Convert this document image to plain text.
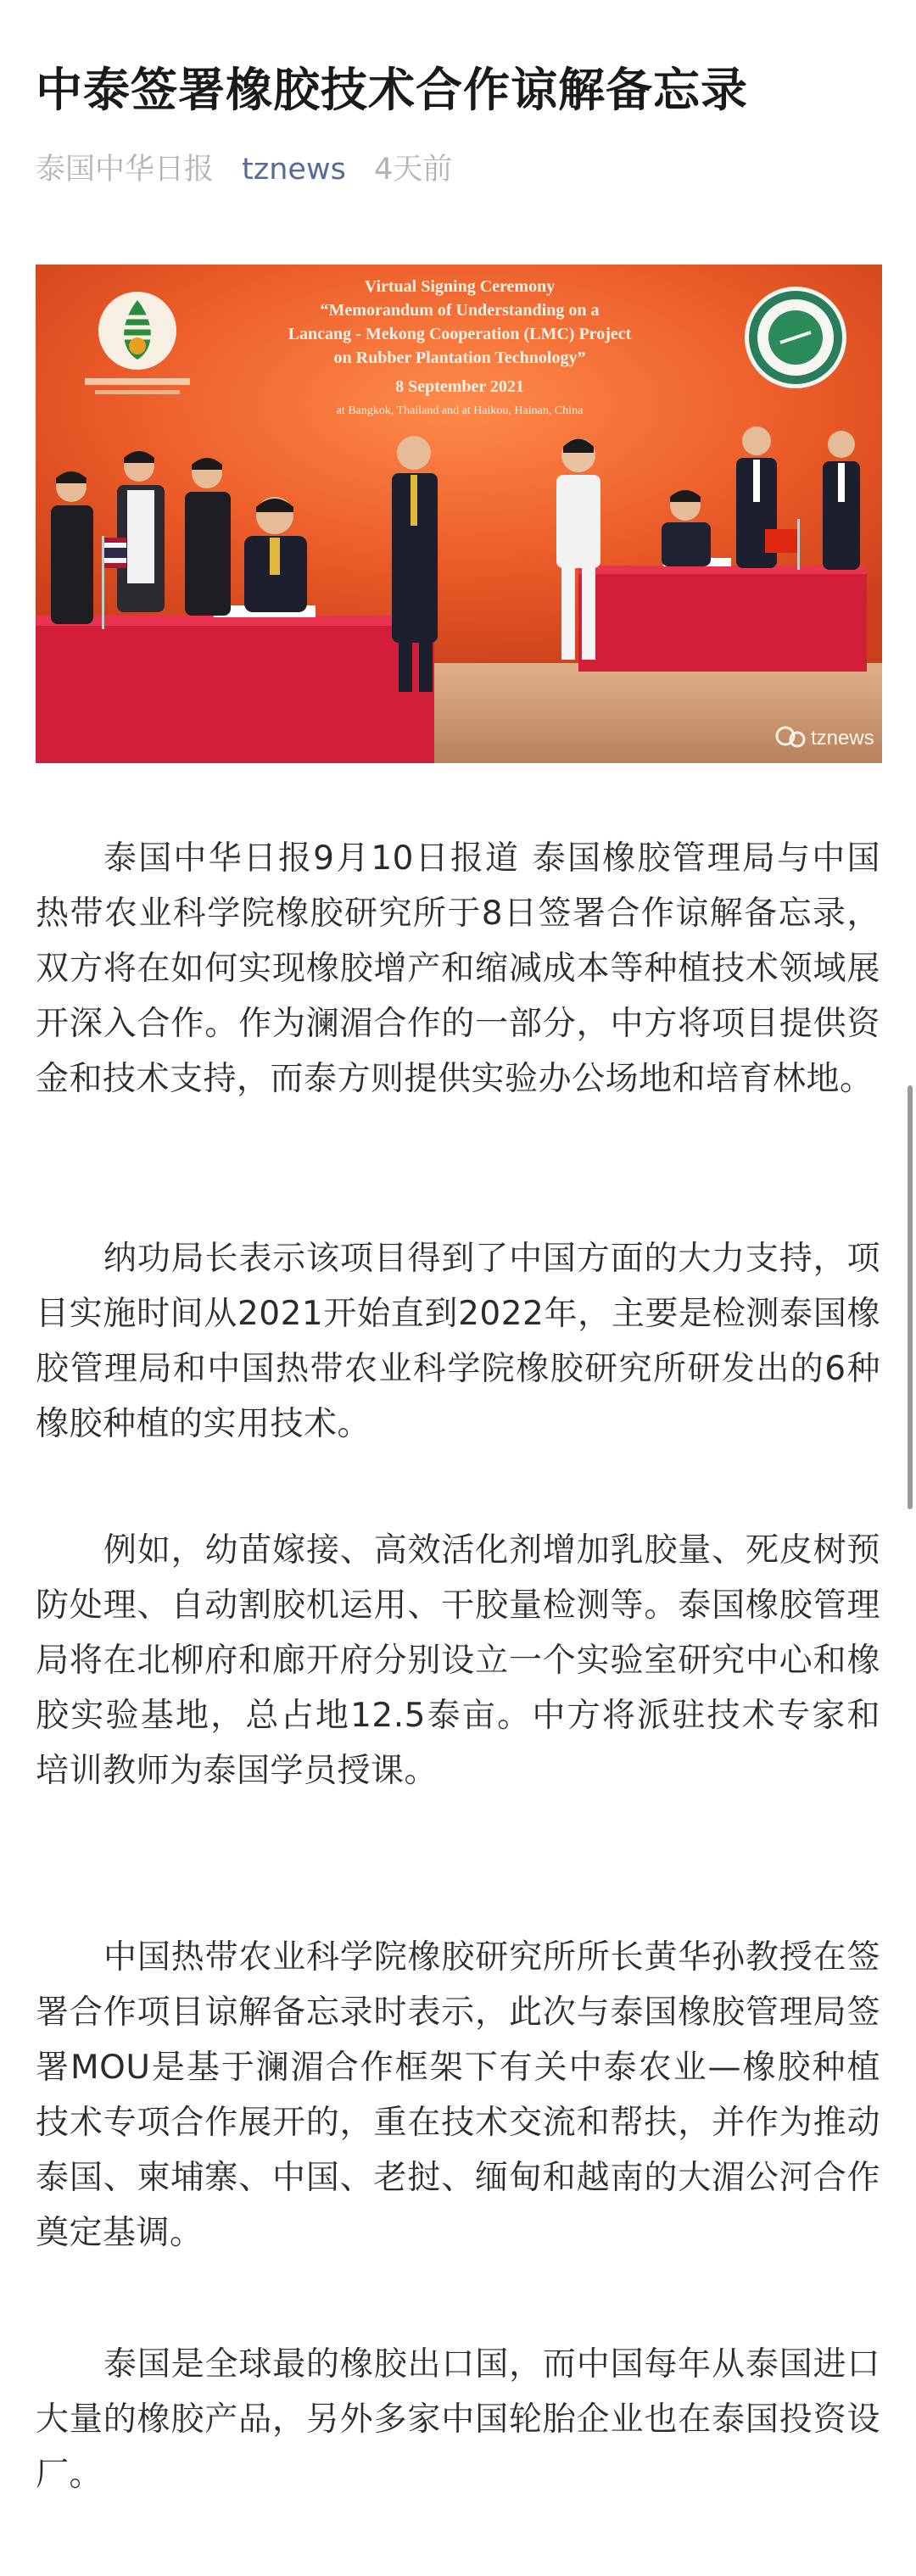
中泰签署橡胶技术合作谅解备忘录
泰国中华日报 tznews 4天前
Virtual Signing Ceremony
“Memorandum of Understanding on a
Lancang - Mekong Cooperation (LMC) Project
on Rubber Plantation Technology”
8 September 2021
at Bangkok, Thailand and at Haikou, Hainan, China
tznews

泰国中华日报9月10日报道 泰国橡胶管理局与中国热带农业科学院橡胶研究所于8日签署合作谅解备忘录，双方将在如何实现橡胶增产和缩减成本等种植技术领域展开深入合作。作为澜湄合作的一部分，中方将项目提供资金和技术支持，而泰方则提供实验办公场地和培育林地。

纳功局长表示该项目得到了中国方面的大力支持，项目实施时间从2021开始直到2022年，主要是检测泰国橡胶管理局和中国热带农业科学院橡胶研究所研发出的6种橡胶种植的实用技术。

例如，幼苗嫁接、高效活化剂增加乳胶量、死皮树预防处理、自动割胶机运用、干胶量检测等。泰国橡胶管理局将在北柳府和廊开府分别设立一个实验室研究中心和橡胶实验基地，总占地12.5泰亩。中方将派驻技术专家和培训教师为泰国学员授课。

中国热带农业科学院橡胶研究所所长黄华孙教授在签署合作项目谅解备忘录时表示，此次与泰国橡胶管理局签署MOU是基于澜湄合作框架下有关中泰农业—橡胶种植技术专项合作展开的，重在技术交流和帮扶，并作为推动泰国、柬埔寨、中国、老挝、缅甸和越南的大湄公河合作奠定基调。

泰国是全球最的橡胶出口国，而中国每年从泰国进口大量的橡胶产品，另外多家中国轮胎企业也在泰国投资设厂。
